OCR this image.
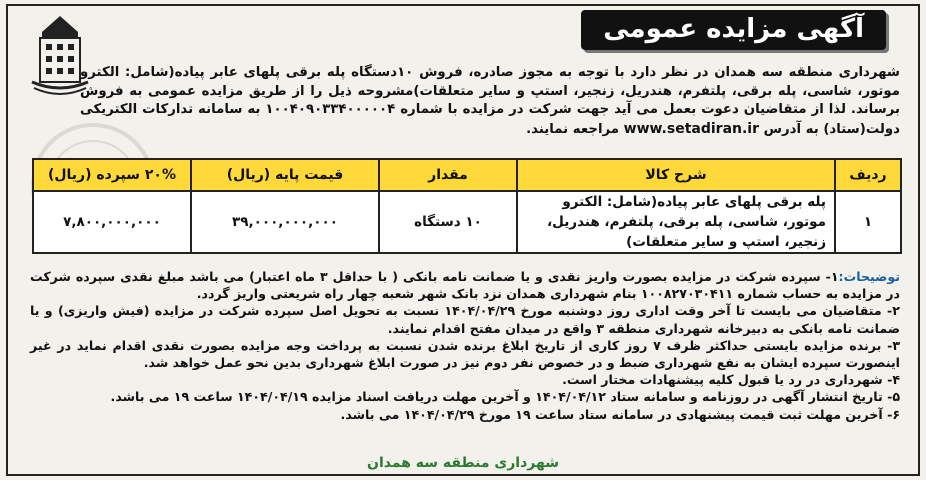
آگهی مزایده عمومی
شهرداری منطقه سه همدان در نظر دارد با توجه به مجوز صادره، فروش ۱۰دستگاه پله برقی پلهای عابر پیاده(شامل: الکترو موتور، شاسی، پله برقی، پلتفرم، هندریل، زنجیر، استپ و سایر متعلقات)مشروحه ذیل را از طریق مزایده عمومی به فروش برساند. لذا از متقاضیان دعوت بعمل می آید جهت شرکت در مزایده با شماره ۱۰۰۴۰۹۰۳۳۴۰۰۰۰۰۴ به سامانه تدارکات الکتریکی دولت(ستاد) به آدرس www.setadiran.ir مراجعه نمایند.
ردیف	شرح کالا	مقدار	قیمت پایه (ریال)	۲۰% سپرده (ریال)
۱	پله برقی پلهای عابر پیاده(شامل: الکترو موتور، شاسی، پله برقی، پلتفرم، هندریل، زنجیر، استپ و سایر متعلقات)	۱۰ دستگاه	۳۹,۰۰۰,۰۰۰,۰۰۰	۷,۸۰۰,۰۰۰,۰۰۰

توضیحات:۱- سپرده شرکت در مزایده بصورت واریز نقدی و یا ضمانت نامه بانکی ( با حداقل ۳ ماه اعتبار) می باشد مبلغ نقدی سپرده شرکت در مزایده به حساب شماره ۱۰۰۸۲۷۰۳۰۴۱۱ بنام شهرداری همدان نزد بانک شهر شعبه چهار راه شریعتی واریز گردد.

۲- متقاضیان می بایست تا آخر وقت اداری روز دوشنبه مورخ ۱۴۰۴/۰۴/۲۹ نسبت به تحویل اصل سپرده شرکت در مزایده (فیش واریزی) و یا ضمانت نامه بانکی به دبیرخانه شهرداری منطقه ۳ واقع در میدان مفتح اقدام نمایند.

۳- برنده مزایده بایستی حداکثر ظرف ۷ روز کاری از تاریخ ابلاغ برنده شدن نسبت به پرداخت وجه مزایده بصورت نقدی اقدام نماید در غیر اینصورت سپرده ایشان به نفع شهرداری ضبط و در خصوص نفر دوم نیز در صورت ابلاغ شهرداری بدین نحو عمل خواهد شد.

۴- شهرداری در رد یا قبول کلیه پیشنهادات مختار است.

۵- تاریخ انتشار آگهی در روزنامه و سامانه ستاد ۱۴۰۴/۰۴/۱۲ و آخرین مهلت دریافت اسناد مزایده ۱۴۰۴/۰۴/۱۹ ساعت ۱۹ می باشد.

۶- آخرین مهلت ثبت قیمت پیشنهادی در سامانه ستاد ساعت ۱۹ مورخ ۱۴۰۴/۰۴/۲۹ می باشد.

شهرداری منطقه سه همدان
